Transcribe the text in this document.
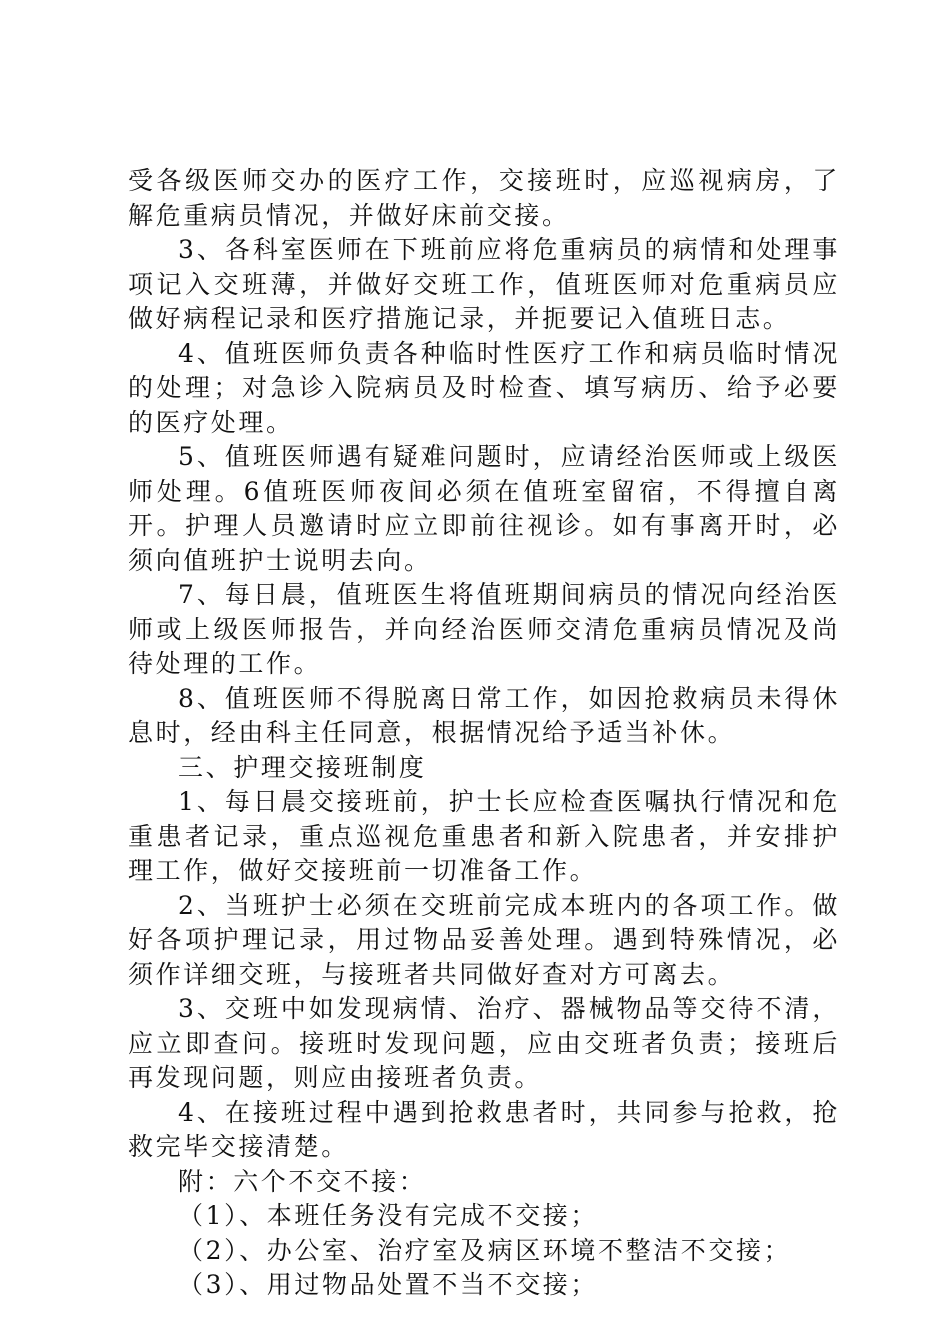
受各级医师交办的医疗工作，交接班时，应巡视病房，了解危重病员情况，并做好床前交接。

3、各科室医师在下班前应将危重病员的病情和处理事项记入交班薄，并做好交班工作，值班医师对危重病员应做好病程记录和医疗措施记录，并扼要记入值班日志。

4、值班医师负责各种临时性医疗工作和病员临时情况的处理；对急诊入院病员及时检查、填写病历、给予必要的医疗处理。

5、值班医师遇有疑难问题时，应请经治医师或上级医师处理。6值班医师夜间必须在值班室留宿，不得擅自离开。护理人员邀请时应立即前往视诊。如有事离开时，必须向值班护士说明去向。

7、每日晨，值班医生将值班期间病员的情况向经治医师或上级医师报告，并向经治医师交清危重病员情况及尚待处理的工作。

8、值班医师不得脱离日常工作，如因抢救病员未得休息时，经由科主任同意，根据情况给予适当补休。

三、护理交接班制度

1、每日晨交接班前，护士长应检查医嘱执行情况和危重患者记录，重点巡视危重患者和新入院患者，并安排护理工作，做好交接班前一切准备工作。

2、当班护士必须在交班前完成本班内的各项工作。做好各项护理记录，用过物品妥善处理。遇到特殊情况，必须作详细交班，与接班者共同做好查对方可离去。

3、交班中如发现病情、治疗、器械物品等交待不清，应立即查问。接班时发现问题，应由交班者负责；接班后再发现问题，则应由接班者负责。

4、在接班过程中遇到抢救患者时，共同参与抢救，抢救完毕交接清楚。

附：六个不交不接：

（1）、本班任务没有完成不交接；

（2）、办公室、治疗室及病区环境不整洁不交接；

（3）、用过物品处置不当不交接；
